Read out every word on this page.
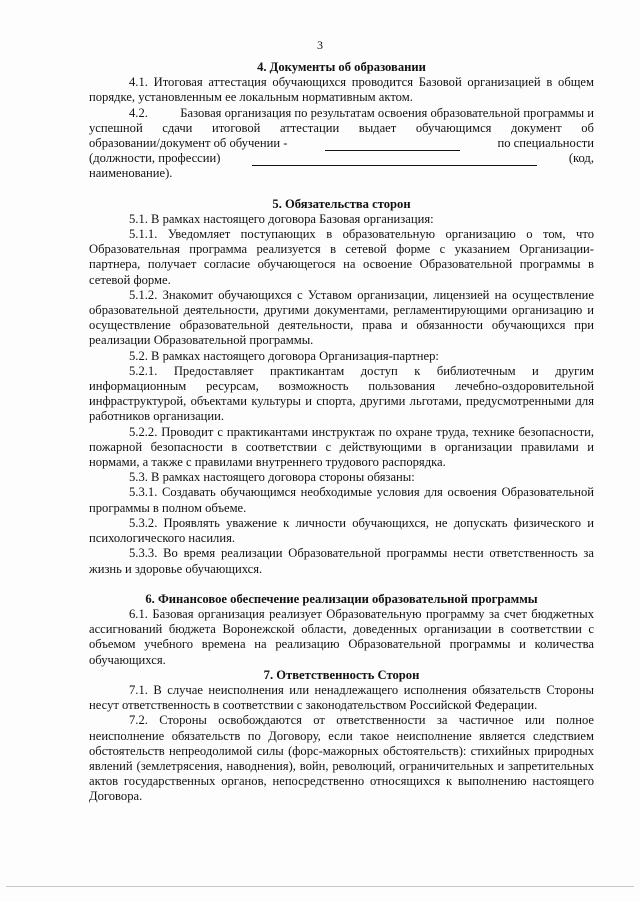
3

4. Документы об образовании

4.1. Итоговая аттестация обучающихся проводится Базовой организацией в общем порядке, установленным ее локальным нормативным актом.

4.2.	Базовая организация по результатам освоения образовательной программы и
успешной сдачи итоговой аттестации выдает обучающимся документ об
образовании/документ об обучении -	по специальности
(должности, профессии)	(код,
наименование).

5. Обязательства сторон

5.1. В рамках настоящего договора Базовая организация:

5.1.1. Уведомляет поступающих в образовательную организацию о том, что Образовательная программа реализуется в сетевой форме с указанием Организации-партнера, получает согласие обучающегося на освоение Образовательной программы в сетевой форме.

5.1.2. Знакомит обучающихся с Уставом организации, лицензией на осуществление образовательной деятельности, другими документами, регламентирующими организацию и осуществление образовательной деятельности, права и обязанности обучающихся при реализации Образовательной программы.

5.2. В рамках настоящего договора Организация-партнер:

5.2.1. Предоставляет практикантам доступ к библиотечным и другим информационным ресурсам, возможность пользования лечебно-оздоровительной инфраструктурой, объектами культуры и спорта, другими льготами, предусмотренными для работников организации.

5.2.2. Проводит с практикантами инструктаж по охране труда, технике безопасности, пожарной безопасности в соответствии с действующими в организации правилами и нормами, а также с правилами внутреннего трудового распорядка.

5.3. В рамках настоящего договора стороны обязаны:

5.3.1. Создавать обучающимся необходимые условия для освоения Образовательной программы в полном объеме.

5.3.2. Проявлять уважение к личности обучающихся, не допускать физического и психологического насилия.

5.3.3. Во время реализации Образовательной программы нести ответственность за жизнь и здоровье обучающихся.

6. Финансовое обеспечение реализации образовательной программы

6.1. Базовая организация реализует Образовательную программу за счет бюджетных ассигнований бюджета Воронежской области, доведенных организации в соответствии с объемом учебного времена на реализацию Образовательной программы и количества обучающихся.

7. Ответственность Сторон

7.1. В случае неисполнения или ненадлежащего исполнения обязательств Стороны несут ответственность в соответствии с законодательством Российской Федерации.

7.2. Стороны освобождаются от ответственности за частичное или полное неисполнение обязательств по Договору, если такое неисполнение является следствием обстоятельств непреодолимой силы (форс-мажорных обстоятельств): стихийных природных явлений (землетрясения, наводнения), войн, революций, ограничительных и запретительных актов государственных органов, непосредственно относящихся к выполнению настоящего Договора.
